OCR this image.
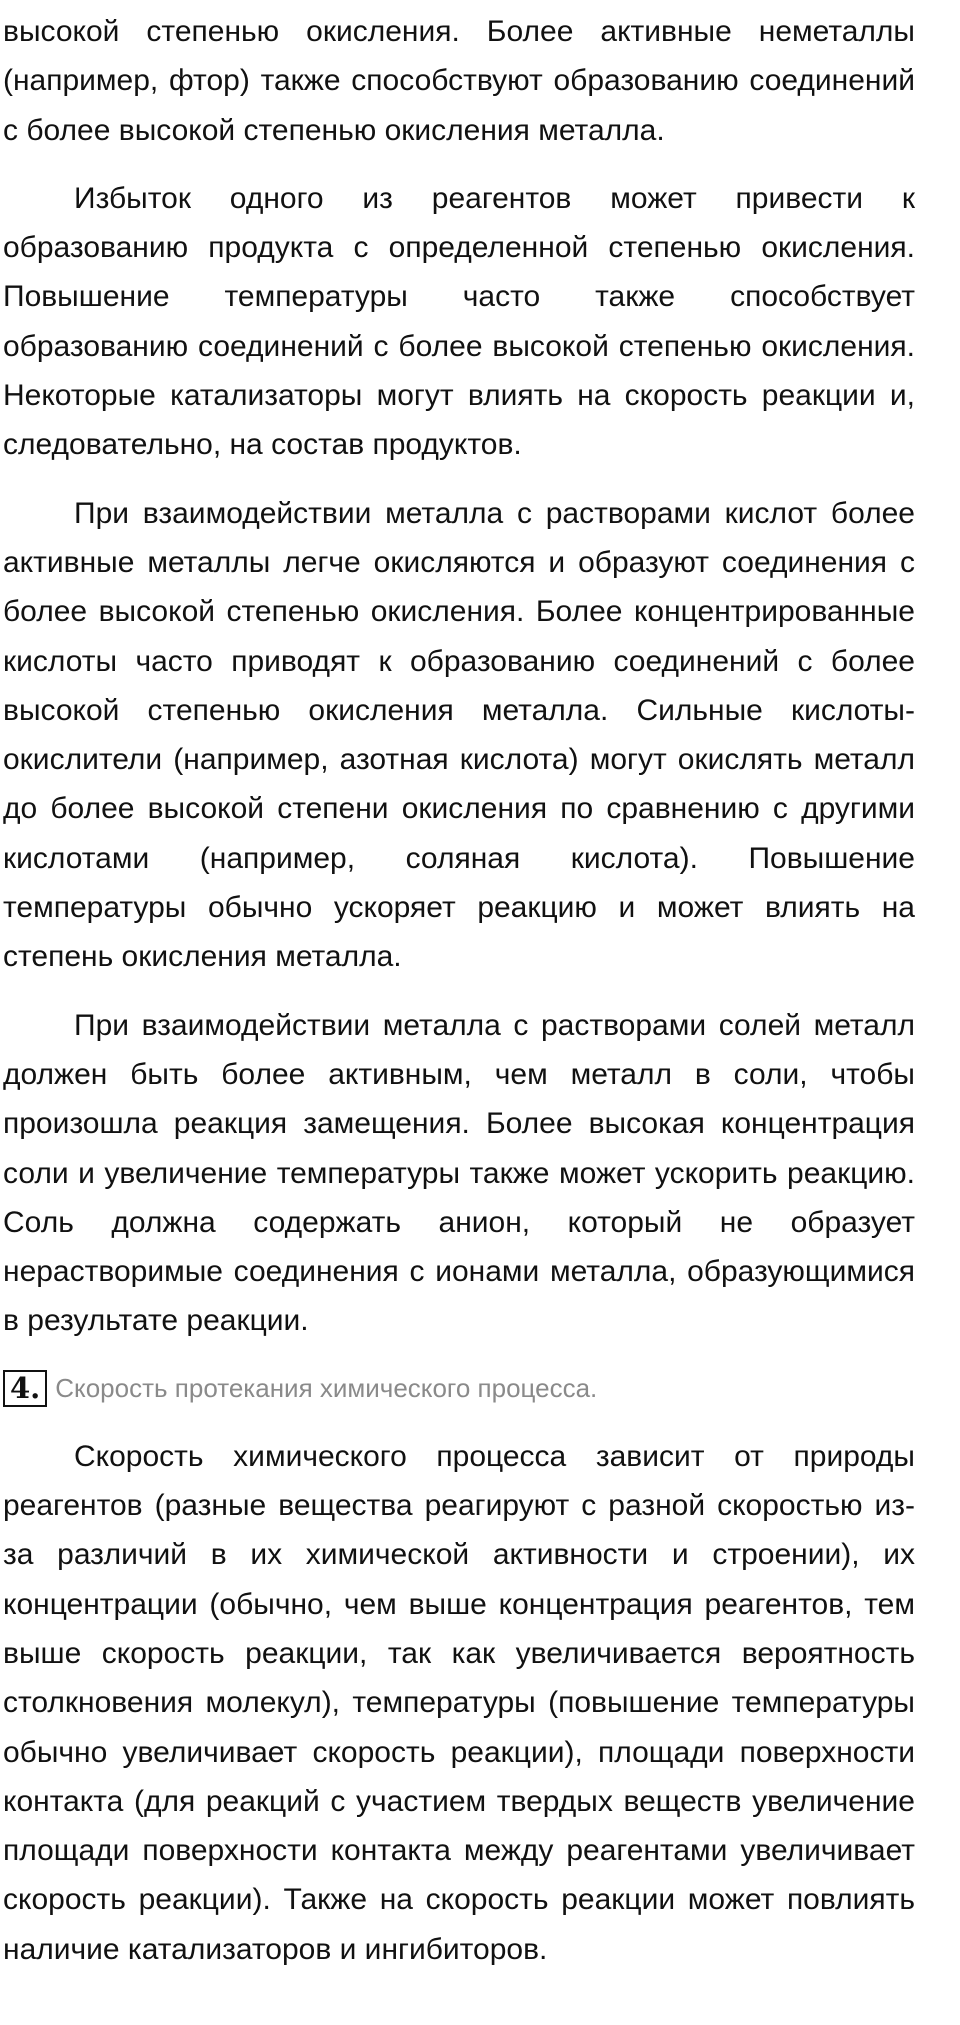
высокой степенью окисления. Более активные неметаллы (например, фтор) также способствуют образованию соединений с более высокой степенью окисления металла.

Избыток одного из реагентов может привести к образованию продукта с определенной степенью окисления. Повышение температуры часто также способствует образованию соединений с более высокой степенью окисления. Некоторые катализаторы могут влиять на скорость реакции и, следовательно, на состав продуктов.

При взаимодействии металла с растворами кислот более активные металлы легче окисляются и образуют соединения с более высокой степенью окисления. Более концентрированные кислоты часто приводят к образованию соединений с более высокой степенью окисления металла. Сильные кислоты-окислители (например, азотная кислота) могут окислять металл до более высокой степени окисления по сравнению с другими кислотами (например, соляная кислота). Повышение температуры обычно ускоряет реакцию и может влиять на степень окисления металла.

При взаимодействии металла с растворами солей металл должен быть более активным, чем металл в соли, чтобы произошла реакция замещения. Более высокая концентрация соли и увеличение температуры также может ускорить реакцию. Соль должна содержать анион, который не образует нерастворимые соединения с ионами металла, образующимися в результате реакции.

4. Скорость протекания химического процесса.

Скорость химического процесса зависит от природы реагентов (разные вещества реагируют с разной скоростью из-за различий в их химической активности и строении), их концентрации (обычно, чем выше концентрация реагентов, тем выше скорость реакции, так как увеличивается вероятность столкновения молекул), температуры (повышение температуры обычно увеличивает скорость реакции), площади поверхности контакта (для реакций с участием твердых веществ увеличение площади поверхности контакта между реагентами увеличивает скорость реакции). Также на скорость реакции может повлиять наличие катализаторов и ингибиторов.
